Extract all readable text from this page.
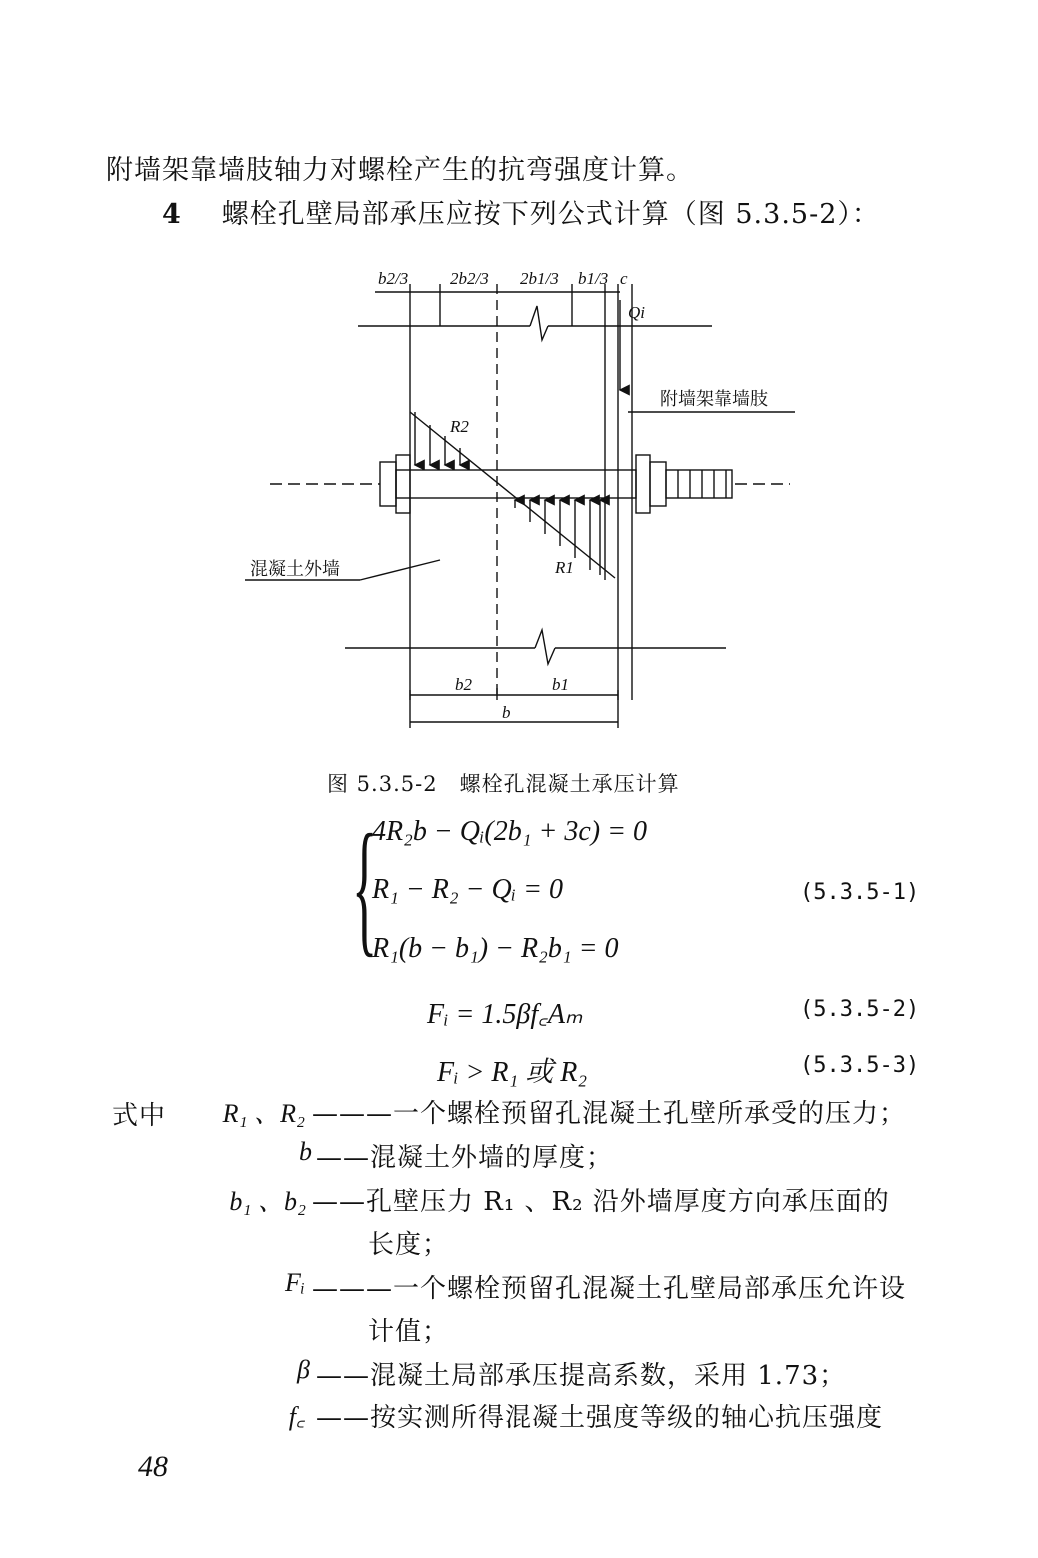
附墙架靠墙肢轴力对螺栓产生的抗弯强度计算。
4 螺栓孔壁局部承压应按下列公式计算（图 5.3.5-2）：
b2/3 2b2/3 2b1/3 b1/3 c
Qi
R2
R1
b2	b1
b
附墙架靠墙肢
混凝土外墙
图 5.3.5-2　螺栓孔混凝土承压计算
{
4R₂b − Qᵢ(2b₁ + 3c) = 0
R₁ − R₂ − Qᵢ = 0
R₁(b − b₁) − R₂b₁ = 0
(5.3.5-1)
Fᵢ = 1.5βf꜀Aₘ	(5.3.5-2)
Fᵢ > R₁ 或 R₂	(5.3.5-3)
式中	R₁ 、R₂ ———一个螺栓预留孔混凝土孔壁所承受的压力；
b ——混凝土外墙的厚度；
b₁ 、b₂ ——孔壁压力 R₁ 、R₂ 沿外墙厚度方向承压面的
长度；
Fᵢ ———一个螺栓预留孔混凝土孔壁局部承压允许设
计值；
β ——混凝土局部承压提高系数，采用 1.73；
f꜀ ——按实测所得混凝土强度等级的轴心抗压强度
48
